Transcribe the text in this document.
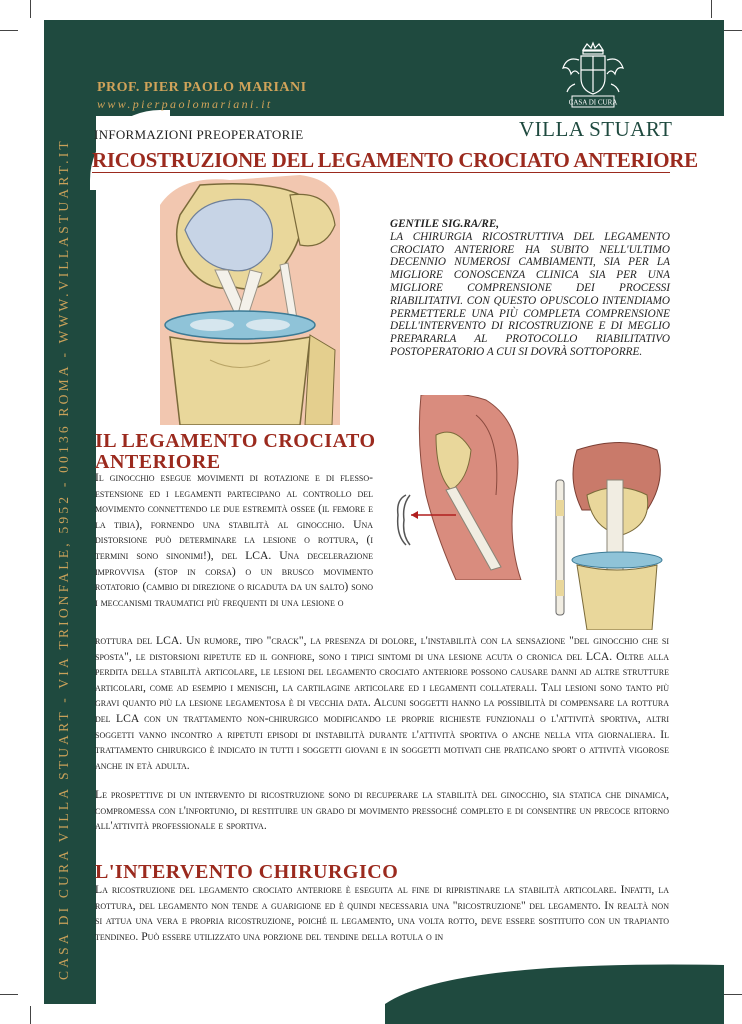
CASA DI CURA VILLA STUART - VIA TRIONFALE, 5952 - 00136 ROMA - WWW.VILLASTUART.IT
PROF. PIER PAOLO MARIANI
www.pierpaolomariani.it	CASA DI CURA
INFORMAZIONI PREOPERATORIE	VILLA STUART
RICOSTRUZIONE DEL LEGAMENTO CROCIATO ANTERIORE
GENTILE SIG.RA/RE,
LA CHIRURGIA RICOSTRUTTIVA DEL LEGAMENTO CROCIATO ANTERIORE HA SUBITO NELL'ULTIMO DECENNIO NUMEROSI CAMBIAMENTI, SIA PER LA MIGLIORE CONOSCENZA CLINICA SIA PER UNA MIGLIORE COMPRENSIONE DEI PROCESSI RIABILITATIVI. CON QUESTO OPUSCOLO INTENDIAMO PERMETTERLE UNA PIÙ COMPLETA COMPRENSIONE DELL'INTERVENTO DI RICOSTRUZIONE E DI MEGLIO PREPARARLA AL PROTOCOLLO RIABILITATIVO POSTOPERATORIO A CUI SI DOVRÀ SOTTOPORRE.
IL LEGAMENTO CROCIATO ANTERIORE
Il ginocchio esegue movimenti di rotazione e di flesso-estensione ed i legamenti partecipano al controllo del movimento connettendo le due estremità ossee (il femore e la tibia), fornendo una stabilità al ginocchio. Una distorsione può determinare la lesione o rottura, (i termini sono sinonimi!), del LCA. Una decelerazione improvvisa (stop in corsa) o un brusco movimento rotatorio (cambio di direzione o ricaduta da un salto) sono i meccanismi traumatici più frequenti di una lesione o
rottura del LCA. Un rumore, tipo "crack", la presenza di dolore, l'instabilità con la sensazione "del ginocchio che si sposta", le distorsioni ripetute ed il gonfiore, sono i tipici sintomi di una lesione acuta o cronica del LCA. Oltre alla perdita della stabilità articolare, le lesioni del legamento crociato anteriore possono causare danni ad altre strutture articolari, come ad esempio i menischi, la cartilagine articolare ed i legamenti collaterali. Tali lesioni sono tanto più gravi quanto più la lesione legamentosa è di vecchia data. Alcuni soggetti hanno la possibilità di compensare la rottura del LCA con un trattamento non-chirurgico modificando le proprie richieste funzionali o l'attività sportiva, altri soggetti vanno incontro a ripetuti episodi di instabilità durante l'attività sportiva o anche nella vita giornaliera. Il trattamento chirurgico è indicato in tutti i soggetti giovani e in soggetti motivati che praticano sport o attività vigorose anche in età adulta.
Le prospettive di un intervento di ricostruzione sono di recuperare la stabilità del ginocchio, sia statica che dinamica, compromessa con l'infortunio, di restituire un grado di movimento pressoché completo e di consentire un precoce ritorno all'attività professionale e sportiva.
L'INTERVENTO CHIRURGICO
La ricostruzione del legamento crociato anteriore è eseguita al fine di ripristinare la stabilità articolare. Infatti, la rottura, del legamento non tende a guarigione ed è quindi necessaria una "ricostruzione" del legamento. In realtà non si attua una vera e propria ricostruzione, poiché il legamento, una volta rotto, deve essere sostituito con un trapianto tendineo. Può essere utilizzato una porzione del tendine della rotula o in
